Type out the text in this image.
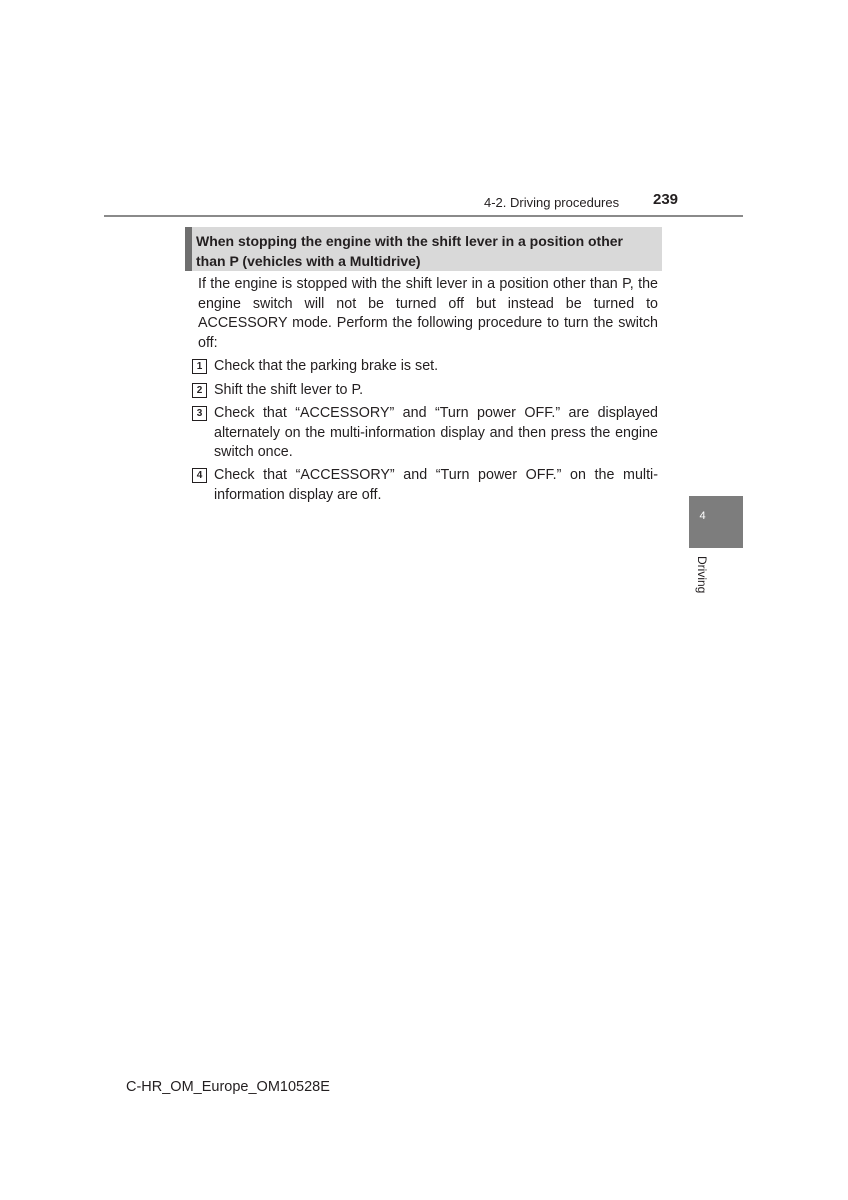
4-2. Driving procedures 239
When stopping the engine with the shift lever in a position other than P (vehicles with a Multidrive)
If the engine is stopped with the shift lever in a position other than P, the engine switch will not be turned off but instead be turned to ACCESSORY mode. Perform the following procedure to turn the switch off:
1 Check that the parking brake is set.
2 Shift the shift lever to P.
3 Check that “ACCESSORY” and “Turn power OFF.” are displayed alternately on the multi-information display and then press the engine switch once.
4 Check that “ACCESSORY” and “Turn power OFF.” on the multi-information display are off.
4
Driving
C-HR_OM_Europe_OM10528E
